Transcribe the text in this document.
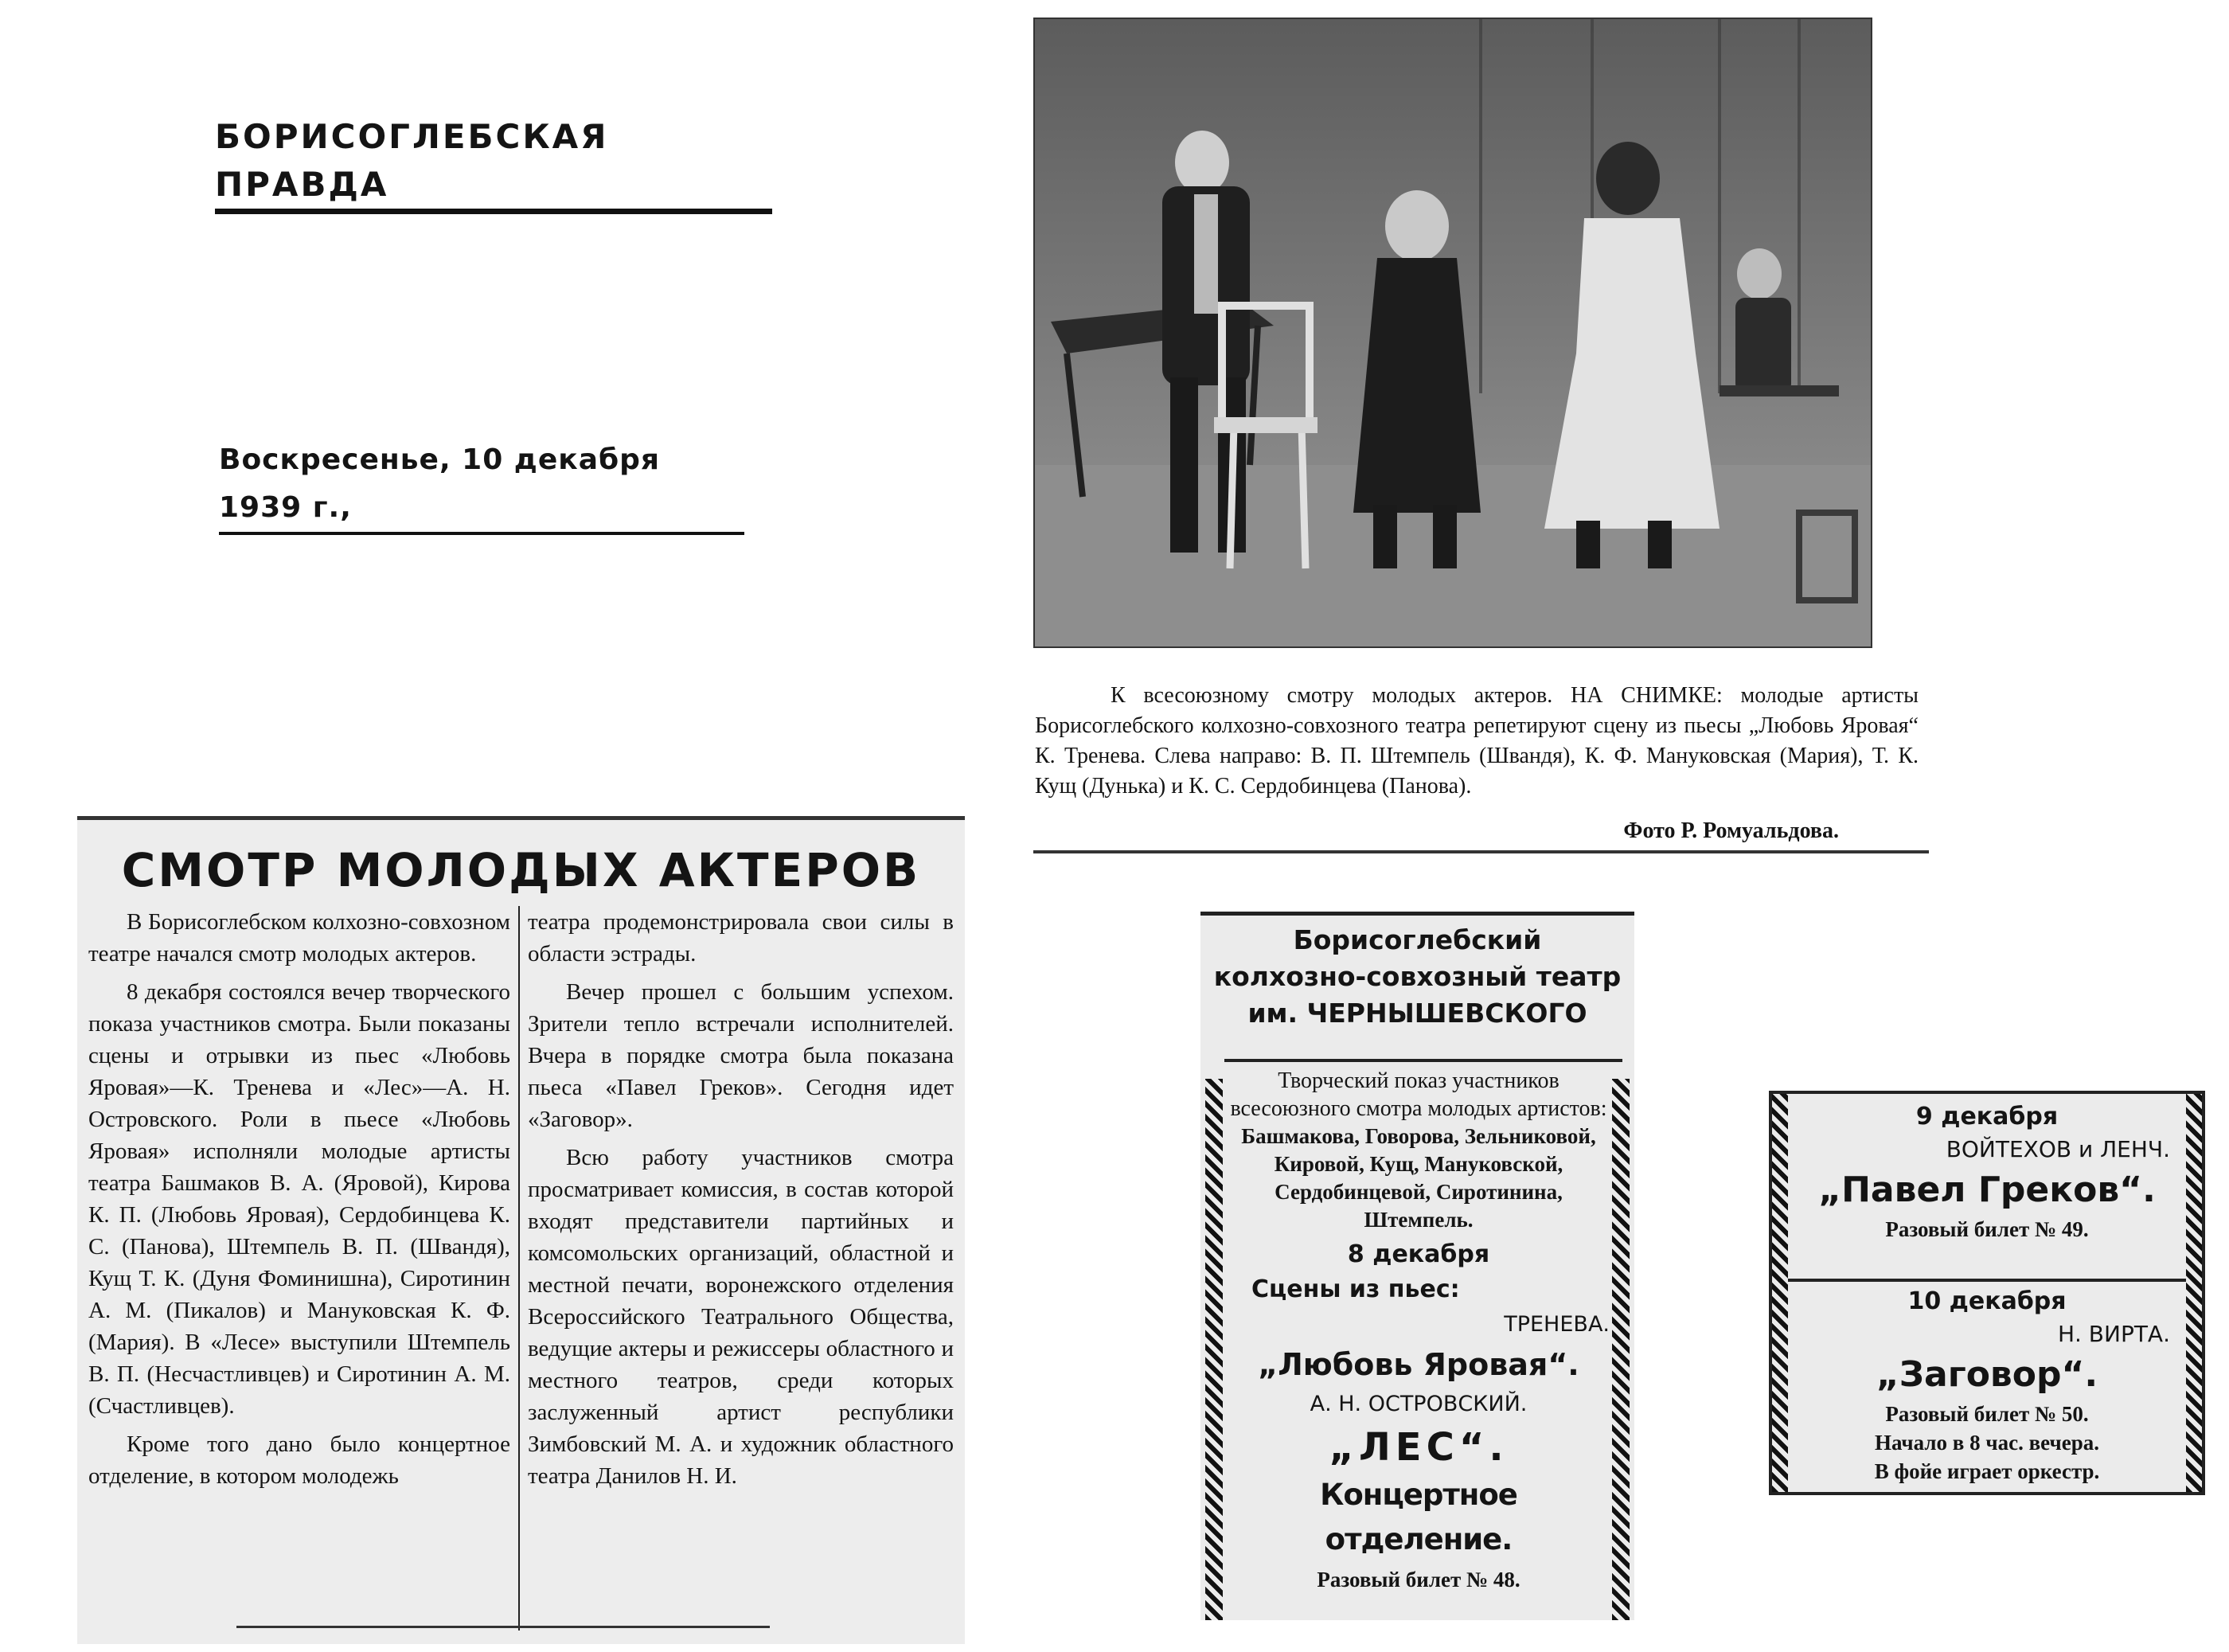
БОРИСОГЛЕБСКАЯ ПРАВДА
Воскресенье, 10 декабря 1939 г.,

К всесоюзному смотру молодых актеров. НА СНИМКЕ: молодые артисты Борисоглебского колхозно-совхозного театра репетируют сцену из пьесы „Любовь Яровая“ К. Тренева. Слева направо: В. П. Штемпель (Швандя), К. Ф. Мануковская (Мария), Т. К. Кущ (Дунька) и К. С. Сердобинцева (Панова).

Фото Р. Ромуальдова.
СМОТР МОЛОДЫХ АКТЕРОВ

В Борисоглебском колхозно-совхозном театре начался смотр молодых актеров.

8 декабря состоялся вечер творческого показа участников смотра. Были показаны сцены и отрывки из пьес «Любовь Яровая»—К. Тренева и «Лес»—А. Н. Островского. Роли в пьесе «Любовь Яровая» исполняли молодые артисты театра Башмаков В. А. (Яровой), Кирова К. П. (Любовь Яровая), Сердобинцева К. С. (Панова), Штемпель В. П. (Швандя), Кущ Т. К. (Дуня Фоминишна), Сиротинин А. М. (Пикалов) и Мануковская К. Ф. (Мария). В «Лесе» выступили Штемпель В. П. (Несчастливцев) и Сиротинин А. М. (Счастливцев).

Кроме того дано было концертное отделение, в котором молодежь

театра продемонстрировала свои силы в области эстрады.

Вечер прошел с большим успехом. Зрители тепло встречали исполнителей. Вчера в порядке смотра была показана пьеса «Павел Греков». Сегодня идет «Заговор».

Всю работу участников смотра просматривает комиссия, в состав которой входят представители партийных и комсомольских организаций, областной и местной печати, воронежского отделения Всероссийского Театрального Общества, ведущие актеры и режиссеры областного и местного театров, среди которых заслуженный артист республики Зимбовский М. А. и художник областного театра Данилов Н. И.

Борисоглебский
колхозно-совхозный театр
им. ЧЕРНЫШЕВСКОГО
Творческий показ участников всесоюзного смотра молодых артистов:
Башмакова, Говорова, Зельниковой, Кировой, Кущ, Мануковской, Сердобинцевой, Сиротинина, Штемпель.
8 декабря
Сцены из пьес:
ТРЕНЕВА.
„Любовь Яровая“.
А. Н. ОСТРОВСКИЙ.
„ЛЕС“.
Концертное отделение.
Разовый билет № 48.
9 декабря
ВОЙТЕХОВ и ЛЕНЧ.
„Павел Греков“.
Разовый билет № 49.
10 декабря
Н. ВИРТА.
„Заговор“.
Разовый билет № 50.
Начало в 8 час. вечера.
В фойе играет оркестр.
